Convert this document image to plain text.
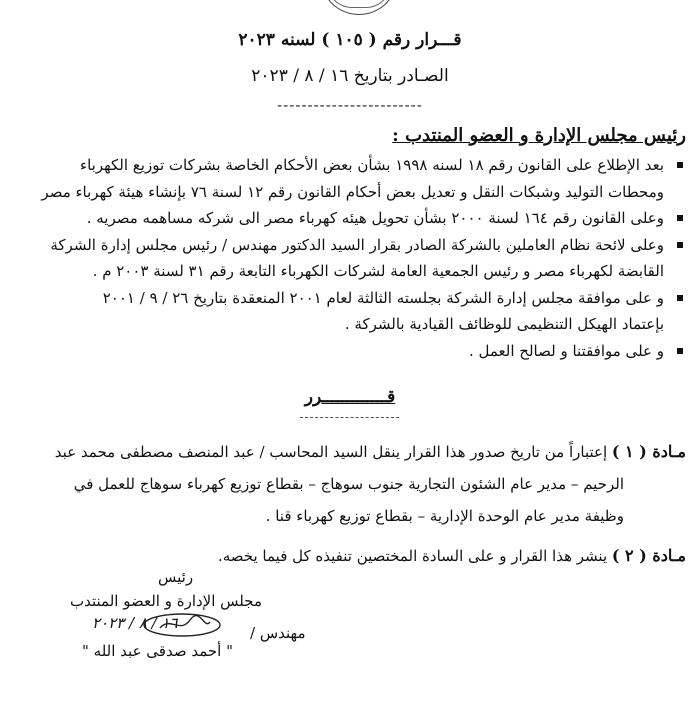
قـــرار رقم ( ١٠٥ ) لسنه ٢٠٢٣
الصـادر بتاريخ ١٦ / ٨ / ٢٠٢٣
------------------------
رئيس مجلس الإدارة و العضو المنتدب :
بعد الإطلاع على القانون رقم ١٨ لسنه ١٩٩٨ بشأن بعض الأحكام الخاصة بشركات توزيع الكهرباء
ومحطات التوليد وشبكات النقل و تعديل بعض أحكام القانون رقم ١٢ لسنة ٧٦ بإنشاء هيئة كهرباء مصر
وعلى القانون رقم ١٦٤ لسنة ٢٠٠٠ بشأن تحويل هيئه كهرباء مصر الى شركه مساهمه مصريه .
وعلى لائحة نظام العاملين بالشركة الصادر بقرار السيد الدكتور مهندس / رئيس مجلس إدارة الشركة
القابضة لكهرباء مصر و رئيس الجمعية العامة لشركات الكهرباء التابعة رقم ٣١ لسنة ٢٠٠٣ م .
و على موافقة مجلس إدارة الشركة بجلسته الثالثة لعام ٢٠٠١ المنعقدة بتاريخ ٢٦ / ٩ / ٢٠٠١
بإعتماد الهيكل التنظيمى للوظائف القيادية بالشركة .
و على موافقتنا و لصالح العمل .
قـــــــــــــرر
--------------------
مـادة ( ١ ) إعتباراً من تاريخ صدور هذا القرار ينقل السيد المحاسب / عبد المنصف مصطفى محمد عبد
الرحيم – مدير عام الشئون التجارية جنوب سوهاج – بقطاع توزيع كهرباء سوهاج للعمل في
وظيفة مدير عام الوحدة الإدارية – بقطاع توزيع كهرباء قنا .
مـادة ( ٢ ) ينشر هذا القرار و على السادة المختصين تنفيذه كل فيما يخصه.
رئيس
مجلس الإدارة و العضو المنتدب
مهندس /
١٦ / ٨ / ٢٠٢٣
" أحمد صدقى عبد الله "
